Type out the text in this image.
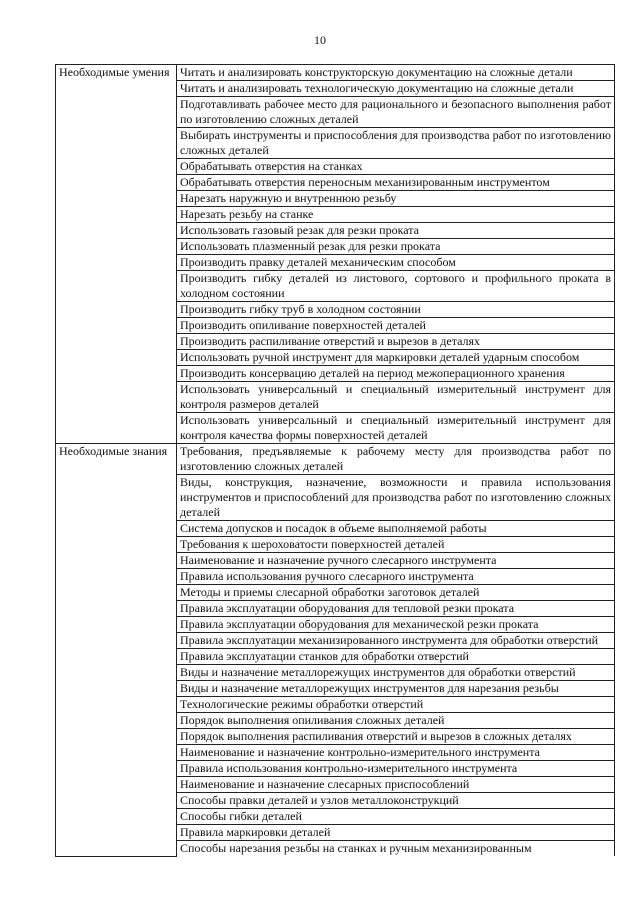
10
Необходимые умения	Читать и анализировать конструкторскую документацию на сложные детали
	Читать и анализировать технологическую документацию на сложные детали
	Подготавливать рабочее место для рационального и безопасного выполнения работ по изготовлению сложных деталей
	Выбирать инструменты и приспособления для производства работ по изготовлению сложных деталей
	Обрабатывать отверстия на станках
	Обрабатывать отверстия переносным механизированным инструментом
	Нарезать наружную и внутреннюю резьбу
	Нарезать резьбу на станке
	Использовать газовый резак для резки проката
	Использовать плазменный резак для резки проката
	Производить правку деталей механическим способом
	Производить гибку деталей из листового, сортового и профильного проката в холодном состоянии
	Производить гибку труб в холодном состоянии
	Производить опиливание поверхностей деталей
	Производить распиливание отверстий и вырезов в деталях
	Использовать ручной инструмент для маркировки деталей ударным способом
	Производить консервацию деталей на период межоперационного хранения
	Использовать универсальный и специальный измерительный инструмент для контроля размеров деталей
	Использовать универсальный и специальный измерительный инструмент для контроля качества формы поверхностей деталей
Необходимые знания	Требования, предъявляемые к рабочему месту для производства работ по изготовлению сложных деталей
	Виды, конструкция, назначение, возможности и правила использования инструментов и приспособлений для производства работ по изготовлению сложных деталей
	Система допусков и посадок в объеме выполняемой работы
	Требования к шероховатости поверхностей деталей
	Наименование и назначение ручного слесарного инструмента
	Правила использования ручного слесарного инструмента
	Методы и приемы слесарной обработки заготовок деталей
	Правила эксплуатации оборудования для тепловой резки проката
	Правила эксплуатации оборудования для механической резки проката
	Правила эксплуатации механизированного инструмента для обработки отверстий
	Правила эксплуатации станков для обработки отверстий
	Виды и назначение металлорежущих инструментов для обработки отверстий
	Виды и назначение металлорежущих инструментов для нарезания резьбы
	Технологические режимы обработки отверстий
	Порядок выполнения опиливания сложных деталей
	Порядок выполнения распиливания отверстий и вырезов в сложных деталях
	Наименование и назначение контрольно-измерительного инструмента
	Правила использования контрольно-измерительного инструмента
	Наименование и назначение слесарных приспособлений
	Способы правки деталей и узлов металлоконструкций
	Способы гибки деталей
	Правила маркировки деталей
	Способы нарезания резьбы на станках и ручным механизированным
